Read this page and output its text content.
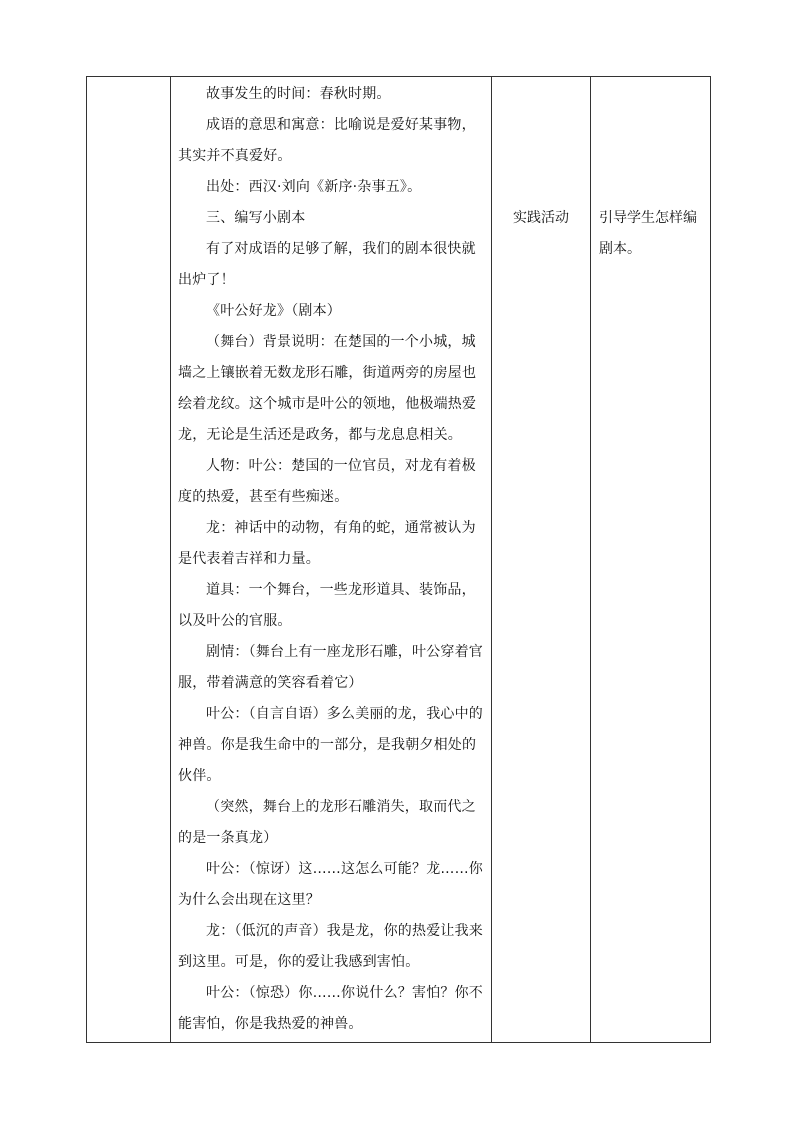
故事发生的时间：春秋时期。

成语的意思和寓意：比喻说是爱好某事物，其实并不真爱好。

出处：西汉·刘向《新序·杂事五》。

三、编写小剧本

有了对成语的足够了解，我们的剧本很快就出炉了！

《叶公好龙》（剧本）

（舞台）背景说明：在楚国的一个小城，城墙之上镶嵌着无数龙形石雕，街道两旁的房屋也绘着龙纹。这个城市是叶公的领地，他极端热爱龙，无论是生活还是政务，都与龙息息相关。

人物：叶公：楚国的一位官员，对龙有着极度的热爱，甚至有些痴迷。

龙：神话中的动物，有角的蛇，通常被认为是代表着吉祥和力量。

道具：一个舞台，一些龙形道具、装饰品，以及叶公的官服。

剧情：（舞台上有一座龙形石雕，叶公穿着官服，带着满意的笑容看着它）

叶公：（自言自语）多么美丽的龙，我心中的神兽。你是我生命中的一部分，是我朝夕相处的伙伴。

（突然，舞台上的龙形石雕消失，取而代之的是一条真龙）

叶公：（惊讶）这……这怎么可能？龙……你为什么会出现在这里？

龙：（低沉的声音）我是龙，你的热爱让我来到这里。可是，你的爱让我感到害怕。

叶公：（惊恐）你……你说什么？害怕？你不能害怕，你是我热爱的神兽。

实践活动	引导学生怎样编剧本。
